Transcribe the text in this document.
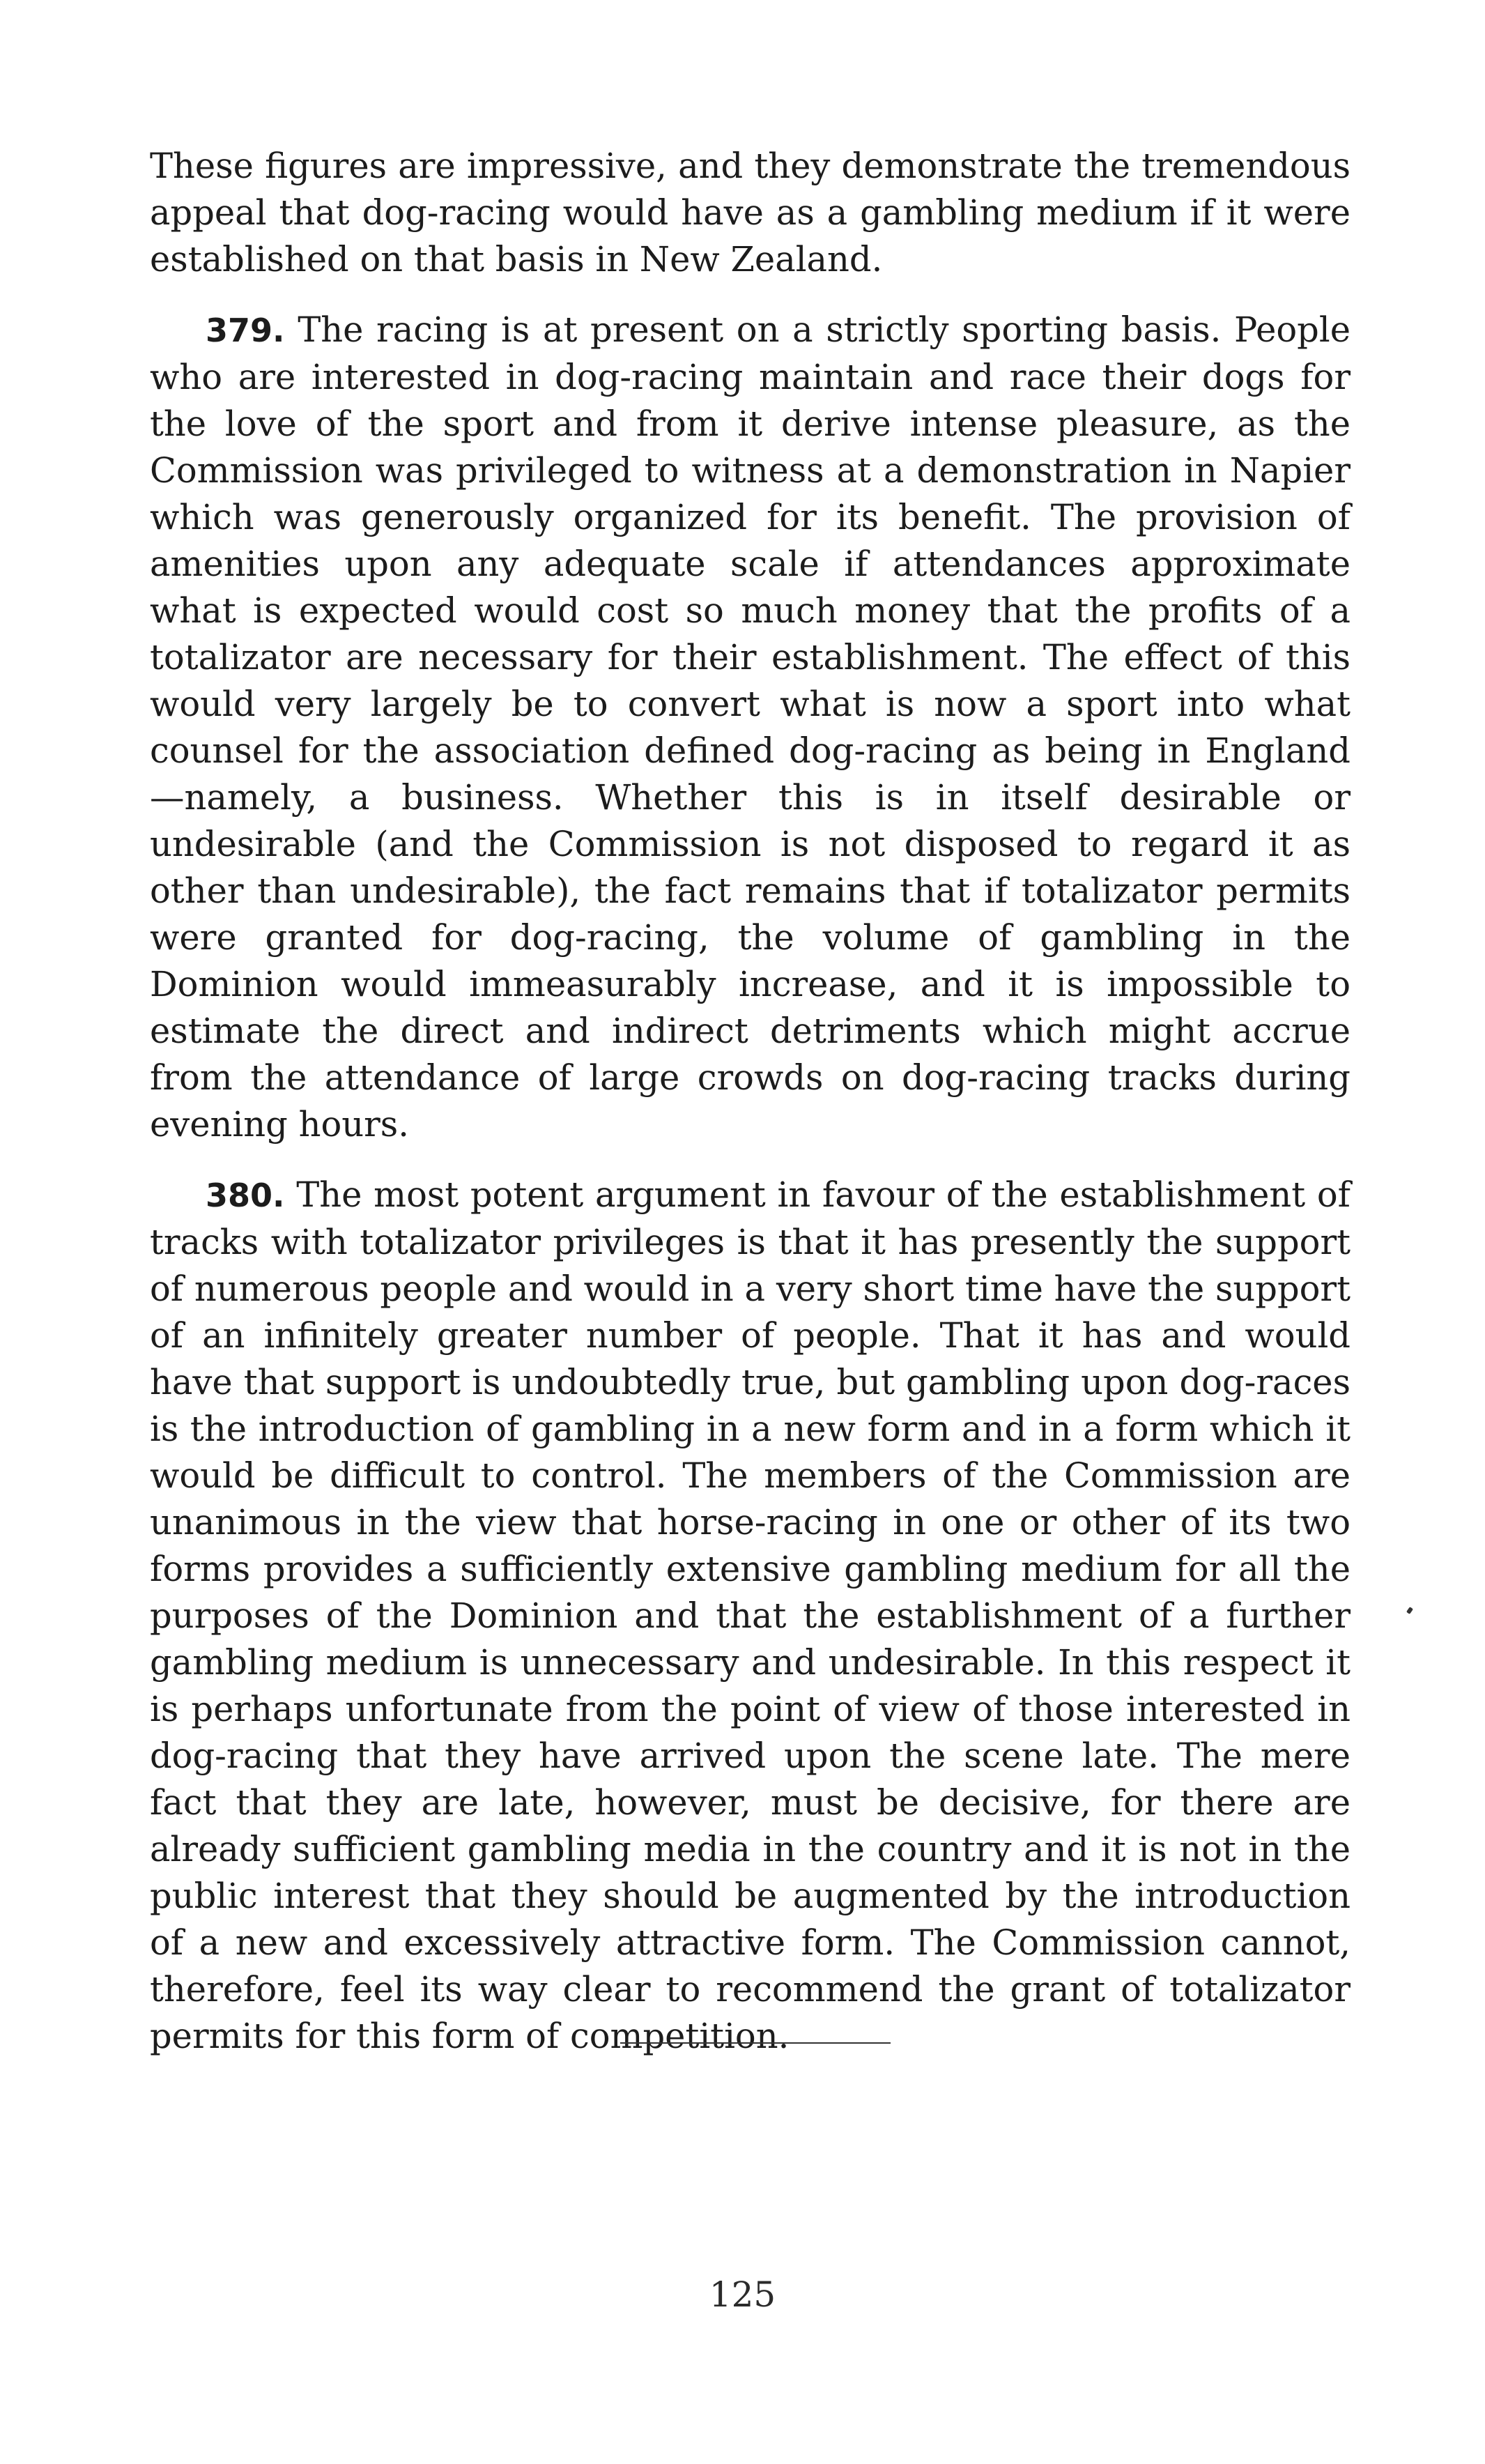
These figures are impressive, and they demonstrate the tremendous appeal that dog-racing would have as a gambling medium if it were established on that basis in New Zealand.

379. The racing is at present on a strictly sporting basis. People who are interested in dog-racing maintain and race their dogs for the love of the sport and from it derive intense pleasure, as the Commission was privileged to witness at a demonstration in Napier which was generously organized for its benefit. The provision of amenities upon any adequate scale if attendances approximate what is expected would cost so much money that the profits of a totalizator are necessary for their establishment. The effect of this would very largely be to convert what is now a sport into what counsel for the association defined dog-racing as being in England—namely, a business. Whether this is in itself desirable or undesirable (and the Commission is not disposed to regard it as other than undesirable), the fact remains that if totalizator permits were granted for dog-racing, the volume of gambling in the Dominion would immeasurably increase, and it is impossible to estimate the direct and indirect detriments which might accrue from the attendance of large crowds on dog-racing tracks during evening hours.

380. The most potent argument in favour of the establishment of tracks with totalizator privileges is that it has presently the support of numerous people and would in a very short time have the support of an infinitely greater number of people. That it has and would have that support is undoubtedly true, but gambling upon dog-races is the introduction of gambling in a new form and in a form which it would be difficult to control. The members of the Commission are unanimous in the view that horse-racing in one or other of its two forms provides a sufficiently extensive gambling medium for all the purposes of the Dominion and that the establishment of a further gambling medium is unnecessary and undesirable. In this respect it is perhaps unfortunate from the point of view of those interested in dog-racing that they have arrived upon the scene late. The mere fact that they are late, however, must be decisive, for there are already sufficient gambling media in the country and it is not in the public interest that they should be augmented by the introduction of a new and excessively attractive form. The Commission cannot, therefore, feel its way clear to recommend the grant of totalizator permits for this form of competition.

125
